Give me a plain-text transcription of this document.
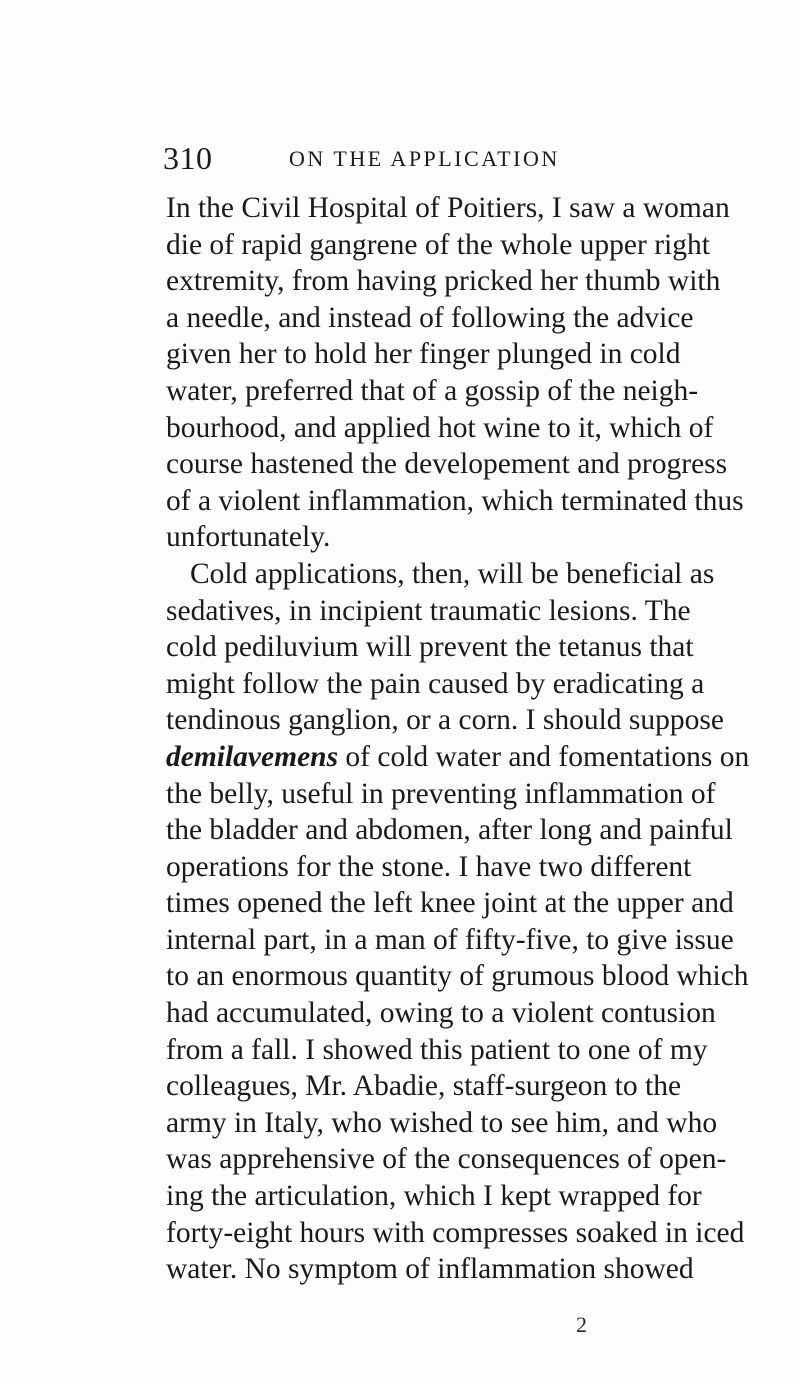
310	ON THE APPLICATION
In the Civil Hospital of Poitiers, I saw a woman
die of rapid gangrene of the whole upper right
extremity, from having pricked her thumb with
a needle, and instead of following the advice
given her to hold her finger plunged in cold
water, preferred that of a gossip of the neigh-
bourhood, and applied hot wine to it, which of
course hastened the developement and progress
of a violent inflammation, which terminated thus
unfortunately.
Cold applications, then, will be beneficial as
sedatives, in incipient traumatic lesions. The
cold pediluvium will prevent the tetanus that
might follow the pain caused by eradicating a
tendinous ganglion, or a corn. I should suppose
demilavemens of cold water and fomentations on
the belly, useful in preventing inflammation of
the bladder and abdomen, after long and painful
operations for the stone. I have two different
times opened the left knee joint at the upper and
internal part, in a man of fifty-five, to give issue
to an enormous quantity of grumous blood which
had accumulated, owing to a violent contusion
from a fall. I showed this patient to one of my
colleagues, Mr. Abadie, staff-surgeon to the
army in Italy, who wished to see him, and who
was apprehensive of the consequences of open-
ing the articulation, which I kept wrapped for
forty-eight hours with compresses soaked in iced
water. No symptom of inflammation showed
2
